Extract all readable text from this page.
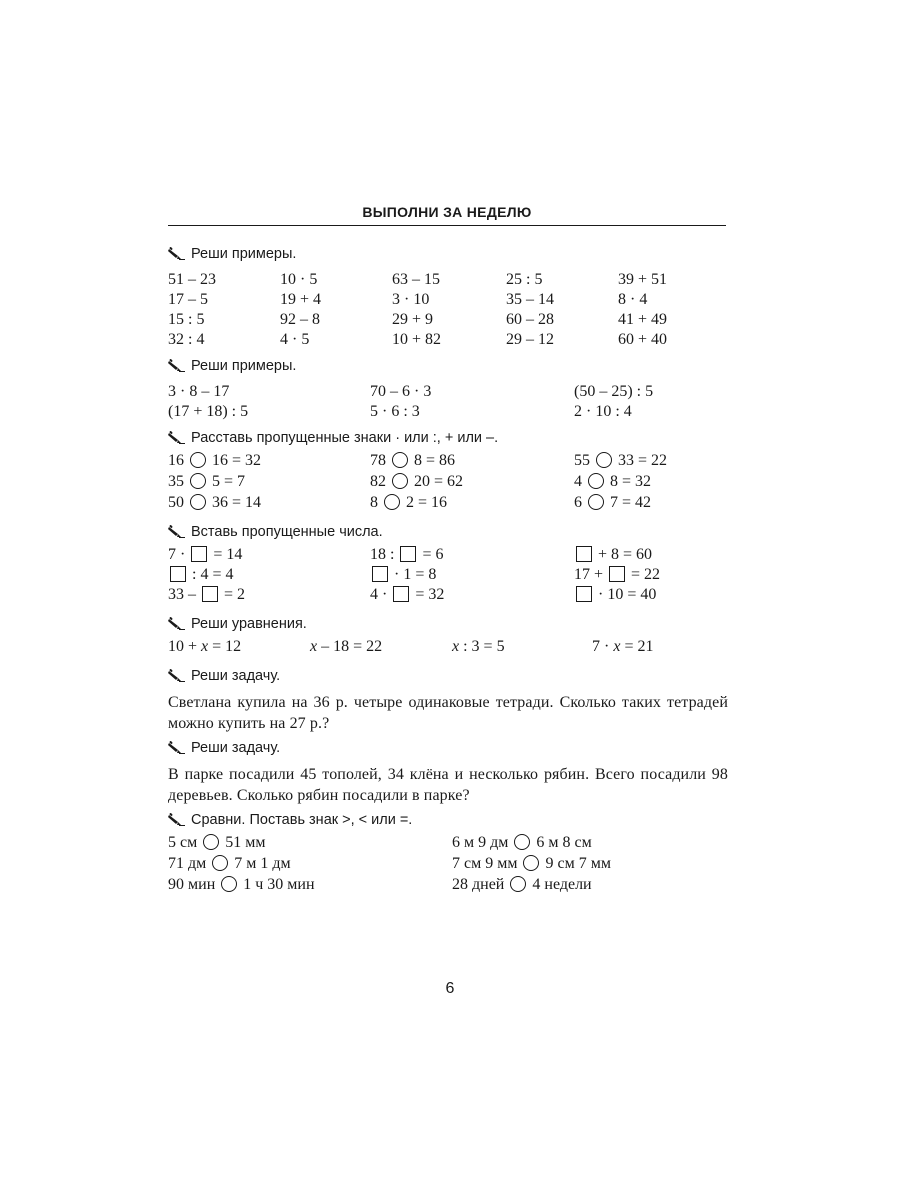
ВЫПОЛНИ ЗА НЕДЕЛЮ
Реши примеры.
51 – 23	10 · 5	63 – 15	25 : 5	39 + 51
17 – 5	19 + 4	3 · 10	35 – 14	8 · 4
15 : 5	92 – 8	29 + 9	60 – 28	41 + 49
32 : 4	4 · 5	10 + 82	29 – 12	60 + 40
Реши примеры.
3 · 8 – 17	70 – 6 · 3	(50 – 25) : 5
(17 + 18) : 5	5 · 6 : 3	2 · 10 : 4
Расставь пропущенные знаки · или :, + или –.
16  16 = 32	78  8 = 86	55  33 = 22
35  5 = 7	82  20 = 62	4  8 = 32
50  36 = 14	8  2 = 16	6  7 = 42
Вставь пропущенные числа.
7 ·  = 14	18 :  = 6	+ 8 = 60
: 4 = 4	· 1 = 8	17 +  = 22
33 –  = 2	4 ·  = 32	· 10 = 40
Реши уравнения.
10 + x = 12	x – 18 = 22	x : 3 = 5	7 · x = 21
Реши задачу.
Светлана купила на 36 р. четыре одинаковые тетради. Сколько таких тетрадей можно купить на 27 р.?
Реши задачу.
В парке посадили 45 тополей, 34 клёна и несколько рябин. Всего посадили 98 деревьев. Сколько рябин посадили в парке?
Сравни. Поставь знак >, < или =.
5 см  51 мм	6 м 9 дм  6 м 8 см
71 дм  7 м 1 дм	7 см 9 мм  9 см 7 мм
90 мин  1 ч 30 мин	28 дней  4 недели
6
